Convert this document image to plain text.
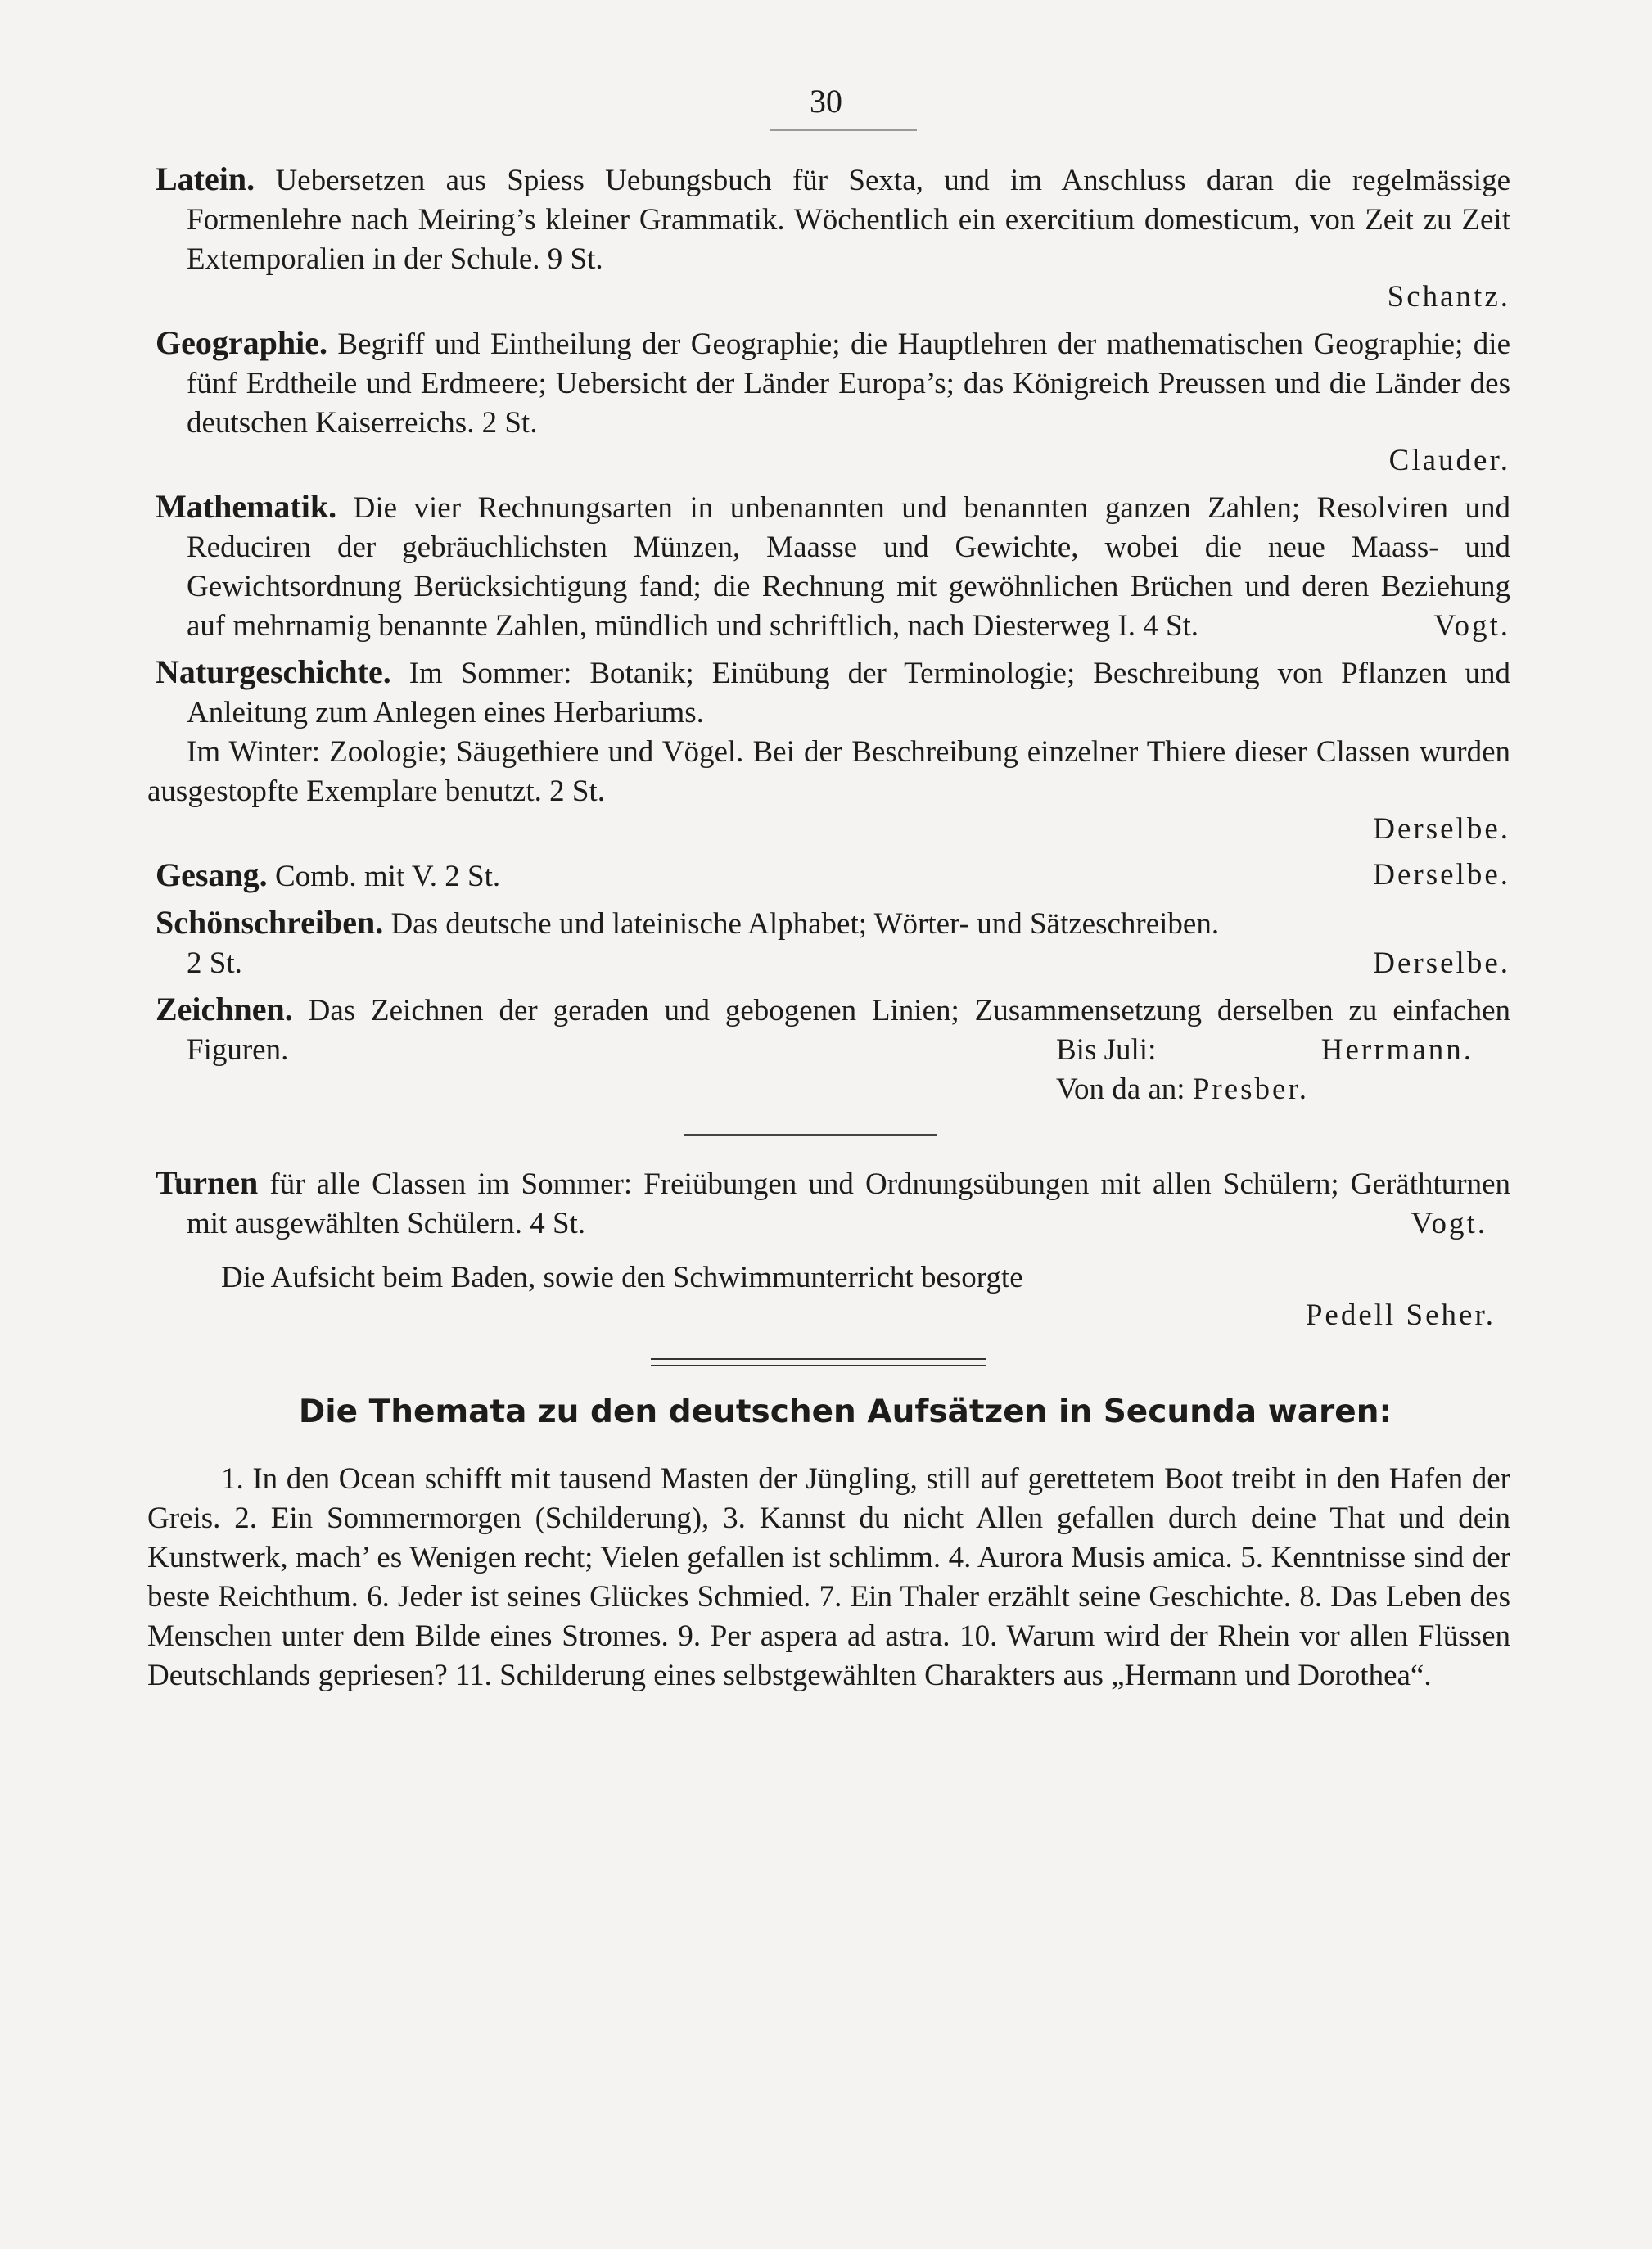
30

Latein. Uebersetzen aus Spiess Uebungsbuch für Sexta, und im Anschluss daran die regelmässige Formenlehre nach Meiring’s kleiner Grammatik. Wöchentlich ein exercitium domesticum, von Zeit zu Zeit Extemporalien in der Schule. 9 St.

Schantz.

Geographie. Begriff und Eintheilung der Geographie; die Hauptlehren der mathematischen Geographie; die fünf Erdtheile und Erdmeere; Uebersicht der Länder Europa’s; das Königreich Preussen und die Länder des deutschen Kaiserreichs. 2 St.

Clauder.

Mathematik. Die vier Rechnungsarten in unbenannten und benannten ganzen Zahlen; Resolviren und Reduciren der gebräuchlichsten Münzen, Maasse und Gewichte, wobei die neue Maass- und Gewichtsordnung Berücksichtigung fand; die Rechnung mit gewöhnlichen Brüchen und deren Beziehung auf mehrnamig benannte Zahlen, mündlich und schriftlich, nach Diesterweg I. 4 St.	Vogt.

Naturgeschichte. Im Sommer: Botanik; Einübung der Terminologie; Beschreibung von Pflanzen und Anleitung zum Anlegen eines Herbariums.

Im Winter: Zoologie; Säugethiere und Vögel. Bei der Beschreibung einzelner Thiere dieser Classen wurden ausgestopfte Exemplare benutzt. 2 St.

Derselbe.
Gesang. Comb. mit V. 2 St.	Derselbe.

Schönschreiben. Das deutsche und lateinische Alphabet; Wörter- und Sätzeschreiben.

2 St.	Derselbe.

Zeichnen. Das Zeichnen der geraden und gebogenen Linien; Zusammensetzung derselben zu einfachen Figuren.	Bis Juli:	Herrmann.
Von da an: Presber.

Turnen für alle Classen im Sommer: Freiübungen und Ordnungsübungen mit allen Schülern; Geräthturnen mit ausgewählten Schülern. 4 St.	Vogt.

Die Aufsicht beim Baden, sowie den Schwimmunterricht besorgte

Pedell Seher.
Die Themata zu den deutschen Aufsätzen in Secunda waren:

1. In den Ocean schifft mit tausend Masten der Jüngling, still auf gerettetem Boot treibt in den Hafen der Greis. 2. Ein Sommermorgen (Schilderung), 3. Kannst du nicht Allen gefallen durch deine That und dein Kunstwerk, mach’ es Wenigen recht; Vielen gefallen ist schlimm. 4. Aurora Musis amica. 5. Kenntnisse sind der beste Reichthum. 6. Jeder ist seines Glückes Schmied. 7. Ein Thaler erzählt seine Geschichte. 8. Das Leben des Menschen unter dem Bilde eines Stromes. 9. Per aspera ad astra. 10. Warum wird der Rhein vor allen Flüssen Deutschlands gepriesen? 11. Schilderung eines selbstgewählten Charakters aus „Hermann und Dorothea“.
